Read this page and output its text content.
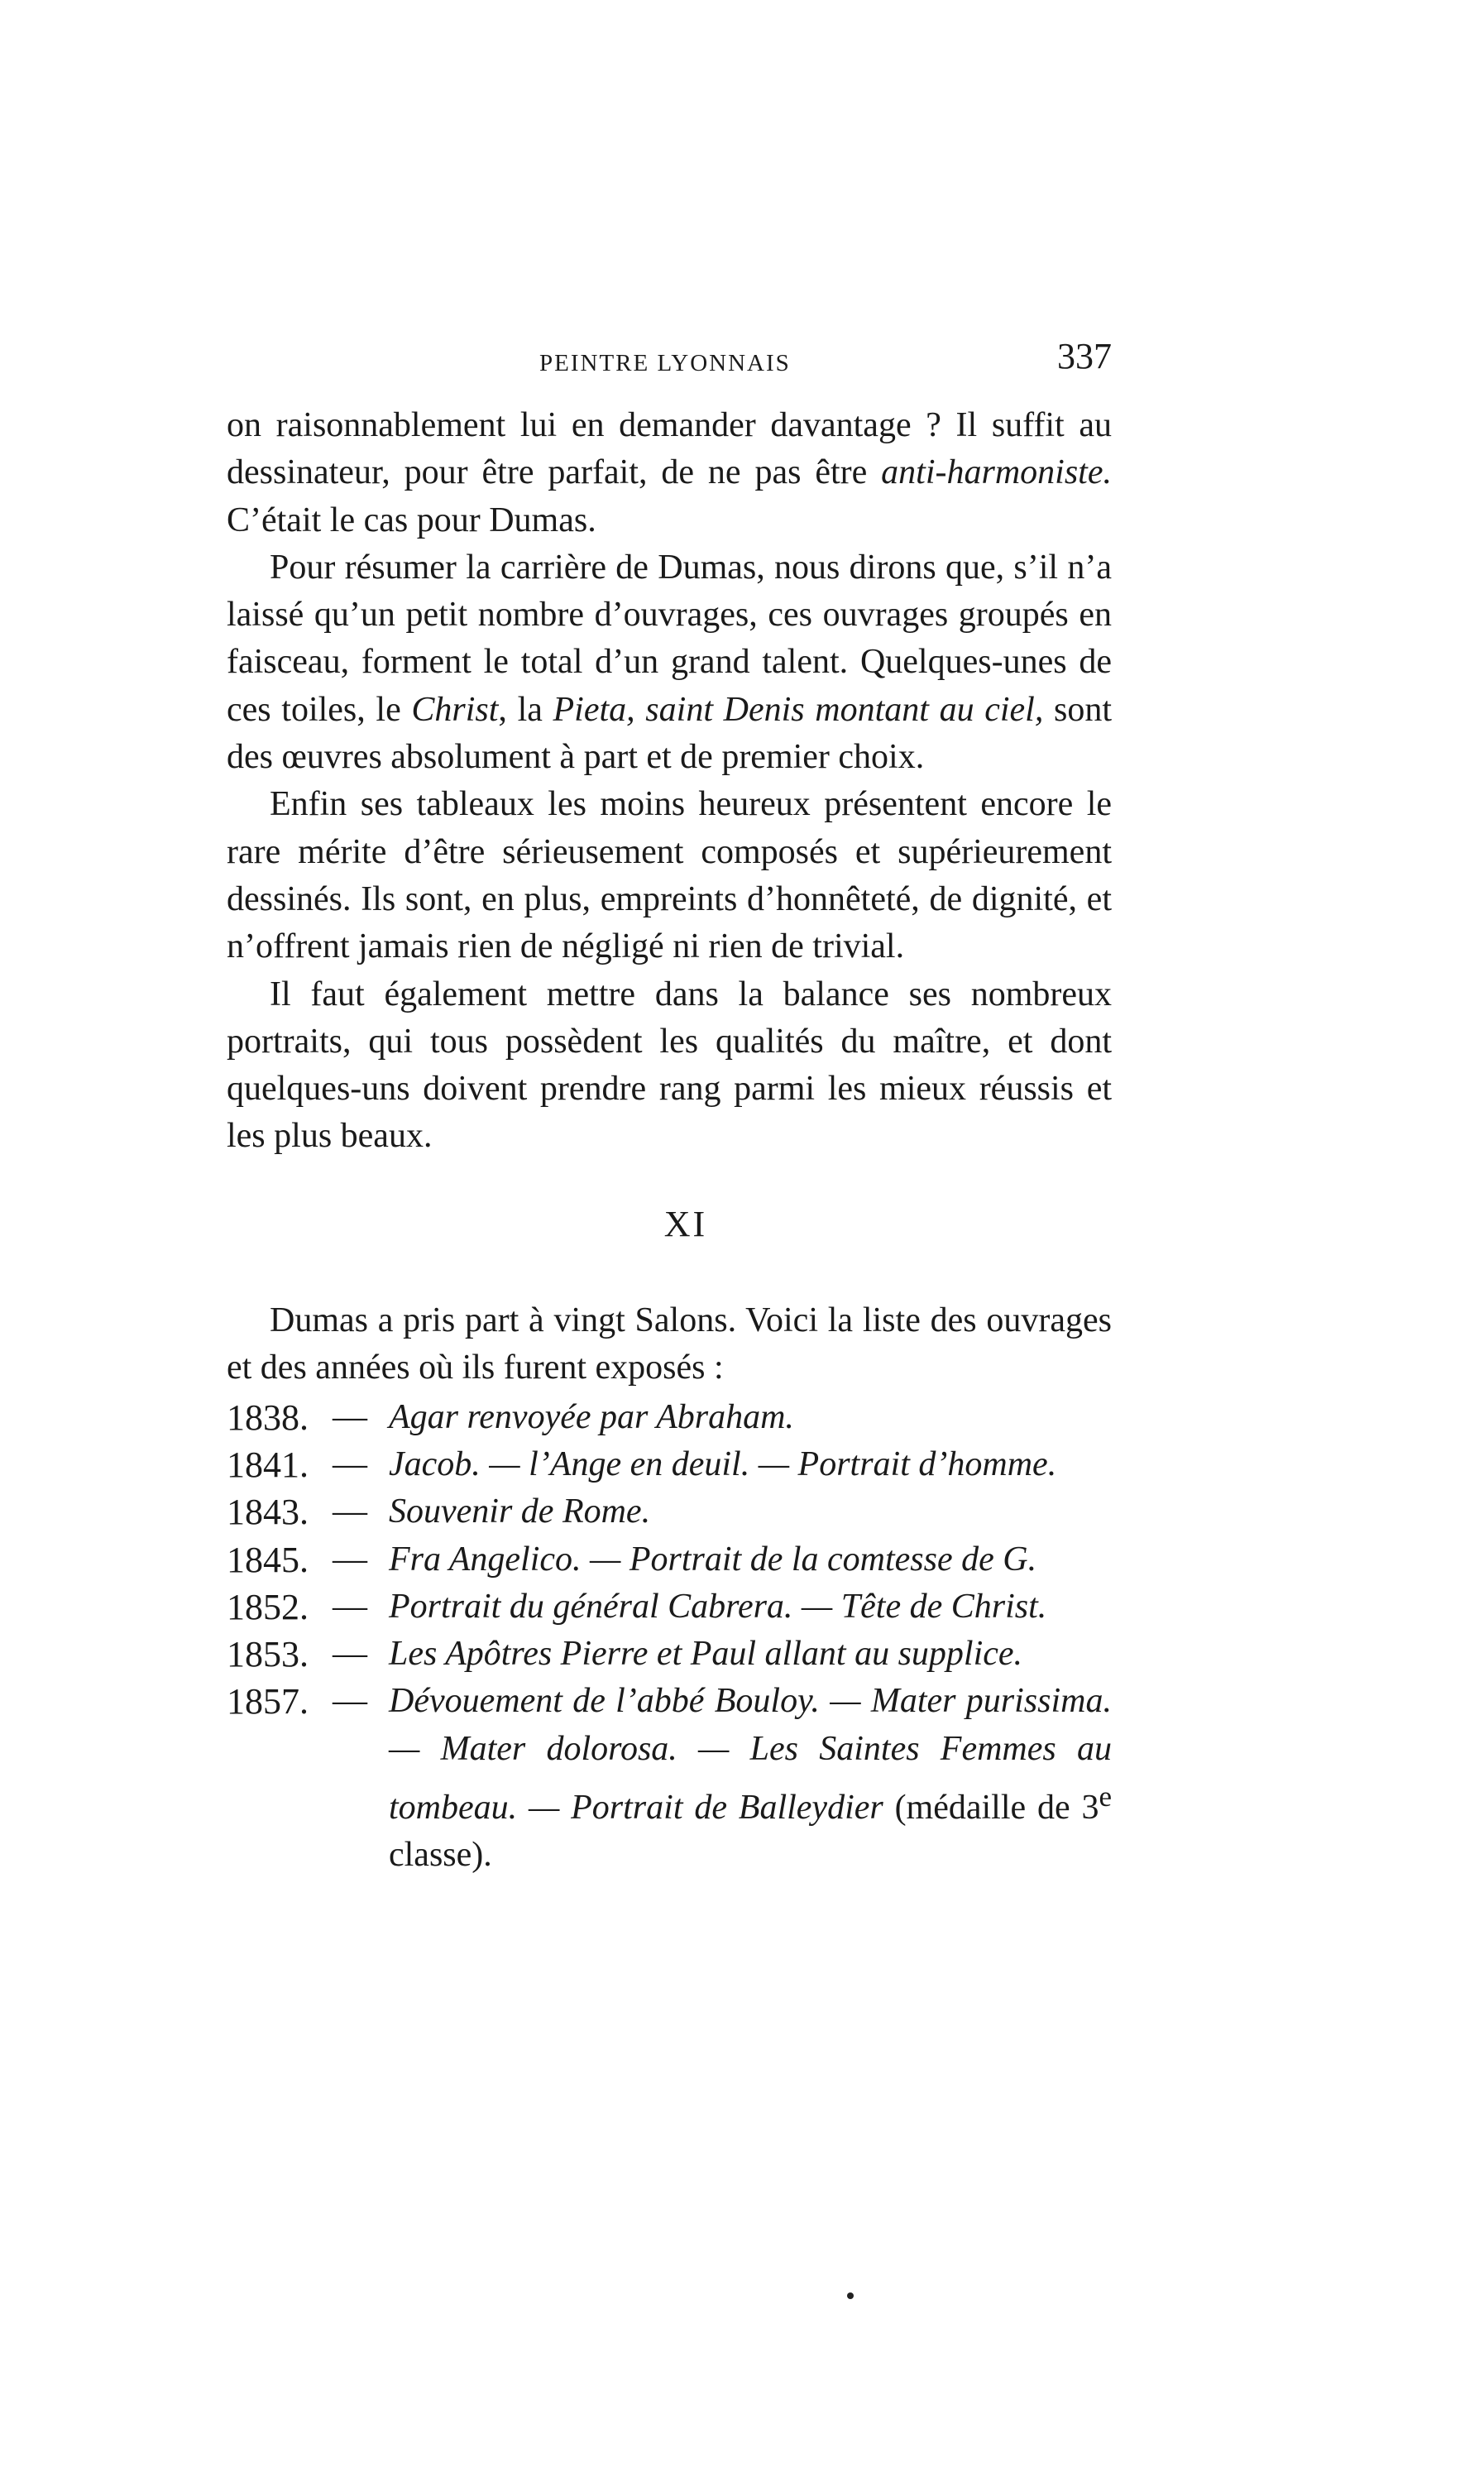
PEINTRE LYONNAIS	337

on raisonnablement lui en demander davantage ? Il suffit au dessinateur, pour être parfait, de ne pas être anti-harmoniste. C’était le cas pour Dumas.

Pour résumer la carrière de Dumas, nous dirons que, s’il n’a laissé qu’un petit nombre d’ouvrages, ces ouvrages groupés en faisceau, forment le total d’un grand talent. Quelques-unes de ces toiles, le Christ, la Pieta, saint Denis montant au ciel, sont des œuvres absolument à part et de premier choix.

Enfin ses tableaux les moins heureux présentent encore le rare mérite d’être sérieusement composés et supérieurement dessinés. Ils sont, en plus, empreints d’honnêteté, de dignité, et n’offrent jamais rien de négligé ni rien de trivial.

Il faut également mettre dans la balance ses nombreux portraits, qui tous possèdent les qualités du maître, et dont quelques-uns doivent prendre rang parmi les mieux réussis et les plus beaux.

XI

Dumas a pris part à vingt Salons. Voici la liste des ouvrages et des années où ils furent exposés :

1838. — Agar renvoyée par Abraham.
1841. — Jacob. — l’Ange en deuil. — Portrait d’homme.
1843. — Souvenir de Rome.
1845. — Fra Angelico. — Portrait de la comtesse de G.
1852. — Portrait du général Cabrera. — Tête de Christ.
1853. — Les Apôtres Pierre et Paul allant au supplice.
1857. — Dévouement de l’abbé Bouloy. — Mater purissima. — Mater dolorosa. — Les Saintes Femmes au tombeau. — Portrait de Balleydier (médaille de 3e classe).
